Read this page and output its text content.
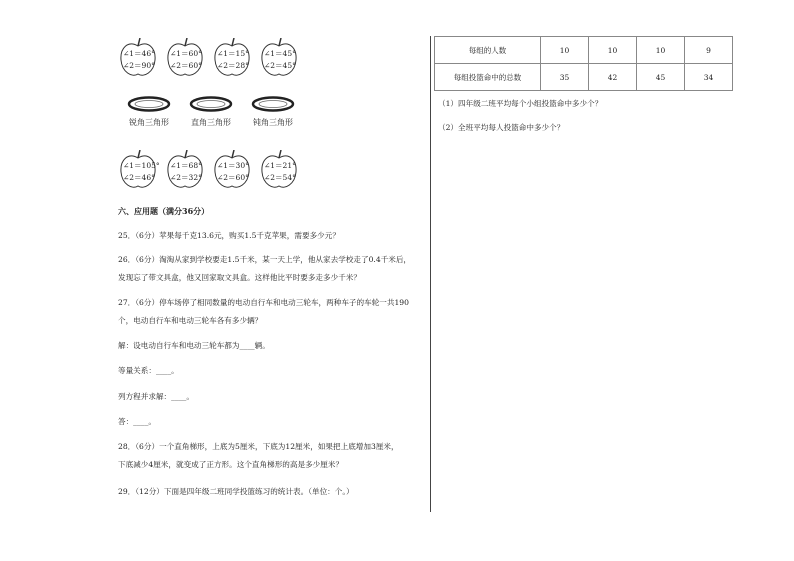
∠1＝46°
∠2＝90°
∠1＝60°
∠2＝60°
∠1＝15°
∠2＝28°
∠1＝45°
∠2＝45°
锐角三角形	直角三角形	钝角三角形
∠1＝105°
∠2＝46°
∠1＝68°
∠2＝32°
∠1＝30°
∠2＝60°
∠1＝21°
∠2＝54°
六、应用题（满分36分）
25．（6分）苹果每千克13.6元，购买1.5千克苹果，需要多少元？
26．（6分）淘淘从家到学校要走1.5千米，某一天上学，他从家去学校走了0.4千米后，
发现忘了带文具盒，他又回家取文具盒。这样他比平时要多走多少千米？
27．（6分）停车场停了相同数量的电动自行车和电动三轮车，两种车子的车轮一共190
个，电动自行车和电动三轮车各有多少辆？
解：设电动自行车和电动三轮车都为____辆。
等量关系：____。
列方程并求解：____。
答：____。
28．（6分）一个直角梯形，上底为5厘米，下底为12厘米，如果把上底增加3厘米，
下底减少4厘米，就变成了正方形。这个直角梯形的高是多少厘米？
29．（12分）下面是四年级二班同学投篮练习的统计表。（单位：个。）
每组的人数	10	10	10	9
每组投篮命中的总数	35	42	45	34
（1）四年级二班平均每个小组投篮命中多少个？
（2）全班平均每人投篮命中多少个？
